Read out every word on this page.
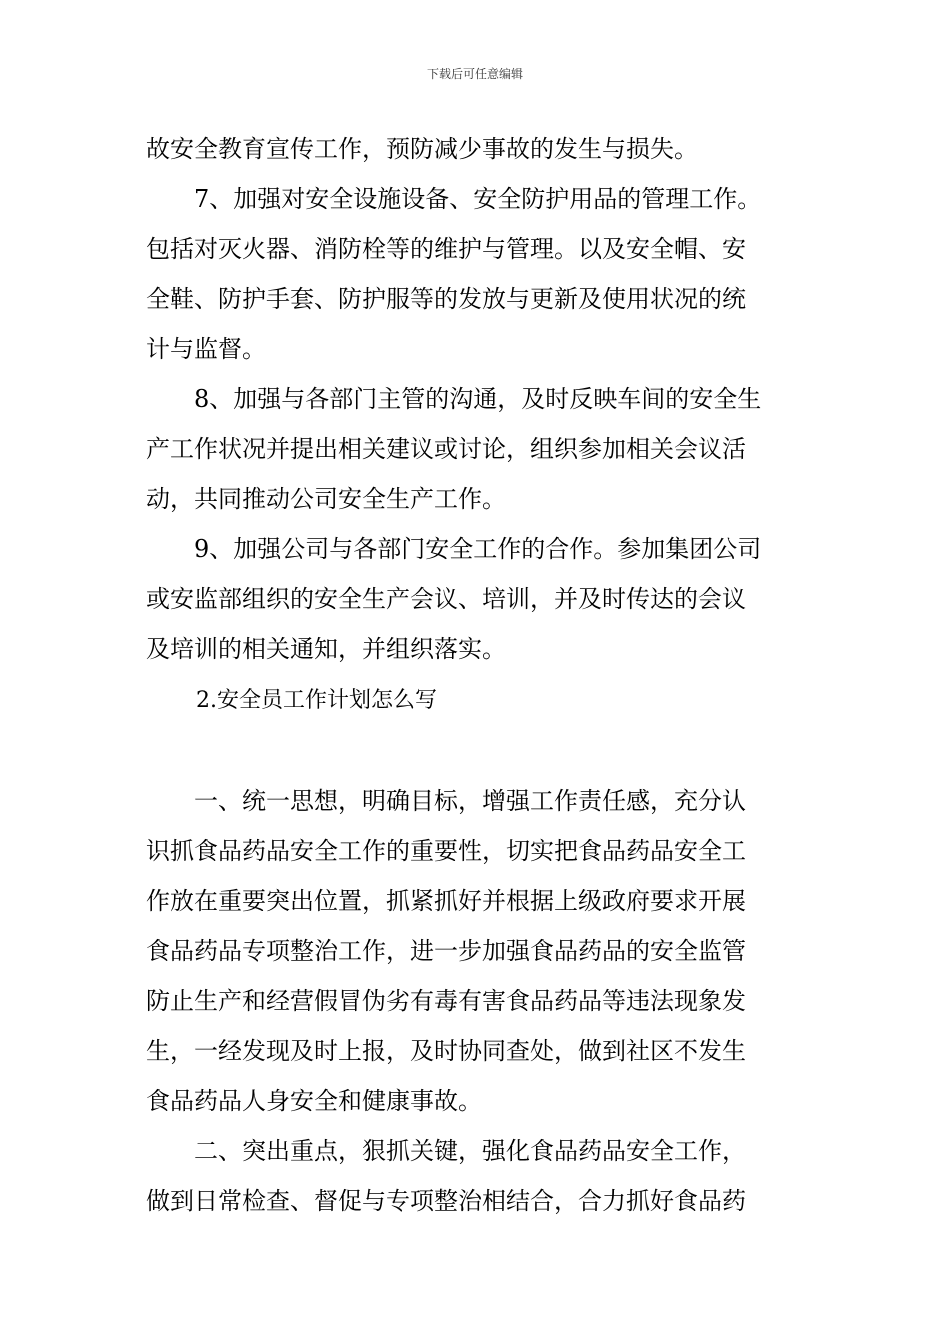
下载后可任意编辑
故安全教育宣传工作，预防减少事故的发生与损失。
　　7、加强对安全设施设备、安全防护用品的管理工作。
包括对灭火器、消防栓等的维护与管理。以及安全帽、安
全鞋、防护手套、防护服等的发放与更新及使用状况的统
计与监督。
　　8、加强与各部门主管的沟通，及时反映车间的安全生
产工作状况并提出相关建议或讨论，组织参加相关会议活
动，共同推动公司安全生产工作。
　　9、加强公司与各部门安全工作的合作。参加集团公司
或安监部组织的安全生产会议、培训，并及时传达的会议
及培训的相关通知，并组织落实。
2.安全员工作计划怎么写
　　一、统一思想，明确目标，增强工作责任感，充分认
识抓食品药品安全工作的重要性，切实把食品药品安全工
作放在重要突出位置，抓紧抓好并根据上级政府要求开展
食品药品专项整治工作，进一步加强食品药品的安全监管
防止生产和经营假冒伪劣有毒有害食品药品等违法现象发
生，一经发现及时上报，及时协同查处，做到社区不发生
食品药品人身安全和健康事故。
　　二、突出重点，狠抓关键，强化食品药品安全工作，
做到日常检查、督促与专项整治相结合，合力抓好食品药
